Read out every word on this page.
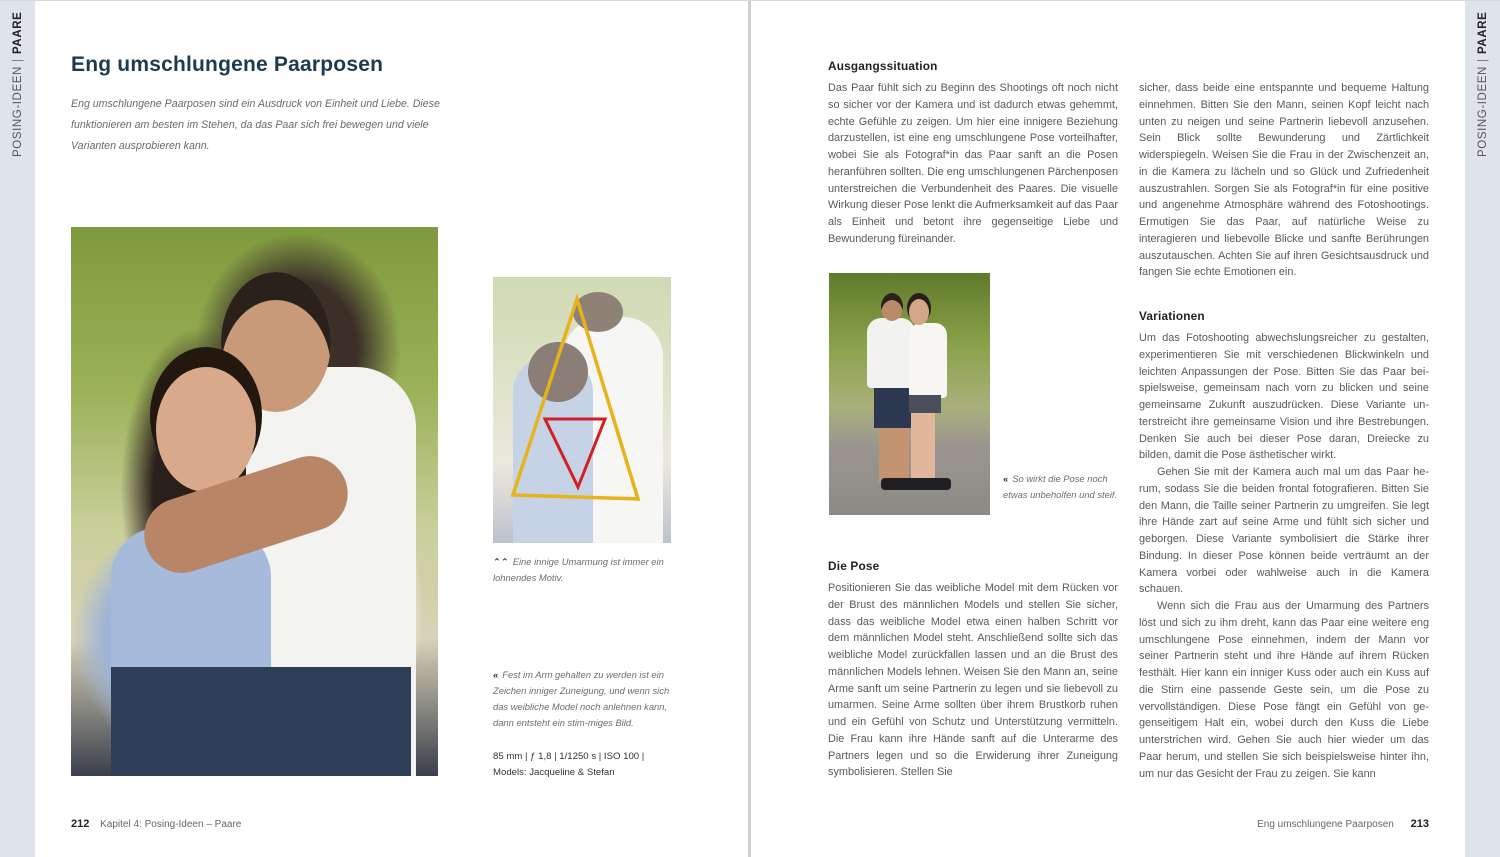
POSING-IDEEN
|
PAARE
POSING-IDEEN
|
PAARE
Eng umschlungene Paarposen

Eng umschlungene Paarposen sind ein Ausdruck von Einheit und Liebe. Diese funktionieren am besten im Stehen, da das Paar sich frei bewegen und viele Varianten ausprobieren kann.

⌃⌃ Eine innige Umarmung ist immer ein lohnendes Motiv.
« Fest im Arm gehalten zu werden ist ein Zeichen inniger Zuneigung, und wenn sich das weibliche Model noch anlehnen kann, dann entsteht ein stim-miges Bild.
85 mm | ƒ 1,8 | 1/1250 s | ISO 100 |
Models: Jacqueline & Stefan
212 Kapitel 4: Posing-Ideen – Paare
Ausgangssituation

Das Paar fühlt sich zu Beginn des Shootings oft noch nicht so sicher vor der Kamera und ist dadurch etwas gehemmt, echte Gefühle zu zeigen. Um hier eine innigere Beziehung darzustellen, ist eine eng umschlungene Pose vorteilhafter, wobei Sie als Fotograf*in das Paar sanft an die Posen heranführen sollten. Die eng umschlungenen Pärchenposen unterstreichen die Verbundenheit des Paares. Die visuelle Wirkung dieser Pose lenkt die Aufmerksamkeit auf das Paar als Einheit und betont ihre gegenseitige Liebe und Bewunderung füreinander.

sicher, dass beide eine entspannte und bequeme Haltung einnehmen. Bitten Sie den Mann, seinen Kopf leicht nach unten zu neigen und seine Partnerin liebevoll anzusehen. Sein Blick sollte Bewunderung und Zärtlichkeit widerspiegeln. Weisen Sie die Frau in der Zwischenzeit an, in die Kamera zu lächeln und so Glück und Zufriedenheit auszustrahlen. Sorgen Sie als Fotograf*in für eine positive und angenehme Atmosphäre während des Fotoshootings. Ermutigen Sie das Paar, auf natürliche Weise zu interagieren und liebevolle Blicke und sanfte Berührungen auszutauschen. Achten Sie auf ihren Gesichtsausdruck und fangen Sie echte Emotionen ein.

« So wirkt die Pose noch etwas unbeholfen und steif.
Die Pose

Positionieren Sie das weibliche Model mit dem Rücken vor der Brust des männlichen Models und stellen Sie sicher, dass das weibliche Model etwa einen halben Schritt vor dem männlichen Model steht. Anschließend sollte sich das weibliche Model zurückfallen lassen und an die Brust des männlichen Models lehnen. Weisen Sie den Mann an, seine Arme sanft um seine Partnerin zu legen und sie liebevoll zu umarmen. Seine Arme sollten über ihrem Brustkorb ruhen und ein Gefühl von Schutz und Unterstützung vermitteln. Die Frau kann ihre Hände sanft auf die Unterarme des Partners legen und so die Erwiderung ihrer Zuneigung symbolisieren. Stellen Sie

Variationen

Um das Fotoshooting abwechslungsreicher zu gestalten, experimentieren Sie mit verschiedenen Blickwinkeln und leichten Anpassungen der Pose. Bitten Sie das Paar beispielsweise, gemeinsam nach vorn zu blicken und seine gemeinsame Zukunft auszudrücken. Diese Variante unterstreicht ihre gemeinsame Vision und ihre Bestrebungen. Denken Sie auch bei dieser Pose daran, Dreiecke zu bilden, damit die Pose ästhetischer wirkt.

Gehen Sie mit der Kamera auch mal um das Paar herum, sodass Sie die beiden frontal fotografieren. Bitten Sie den Mann, die Taille seiner Partnerin zu umgreifen. Sie legt ihre Hände zart auf seine Arme und fühlt sich sicher und geborgen. Diese Variante symbolisiert die Stärke ihrer Bindung. In dieser Pose können beide verträumt an der Kamera vorbei oder wahlweise auch in die Kamera schauen.

Wenn sich die Frau aus der Umarmung des Partners löst und sich zu ihm dreht, kann das Paar eine weitere eng umschlungene Pose einnehmen, indem der Mann vor seiner Partnerin steht und ihre Hände auf ihrem Rücken festhält. Hier kann ein inniger Kuss oder auch ein Kuss auf die Stirn eine passende Geste sein, um die Pose zu vervollständigen. Diese Pose fängt ein Gefühl von gegenseitigem Halt ein, wobei durch den Kuss die Liebe unterstrichen wird. Gehen Sie auch hier wieder um das Paar herum, und stellen Sie sich beispielsweise hinter ihn, um nur das Gesicht der Frau zu zeigen. Sie kann

Eng umschlungene Paarposen 213
